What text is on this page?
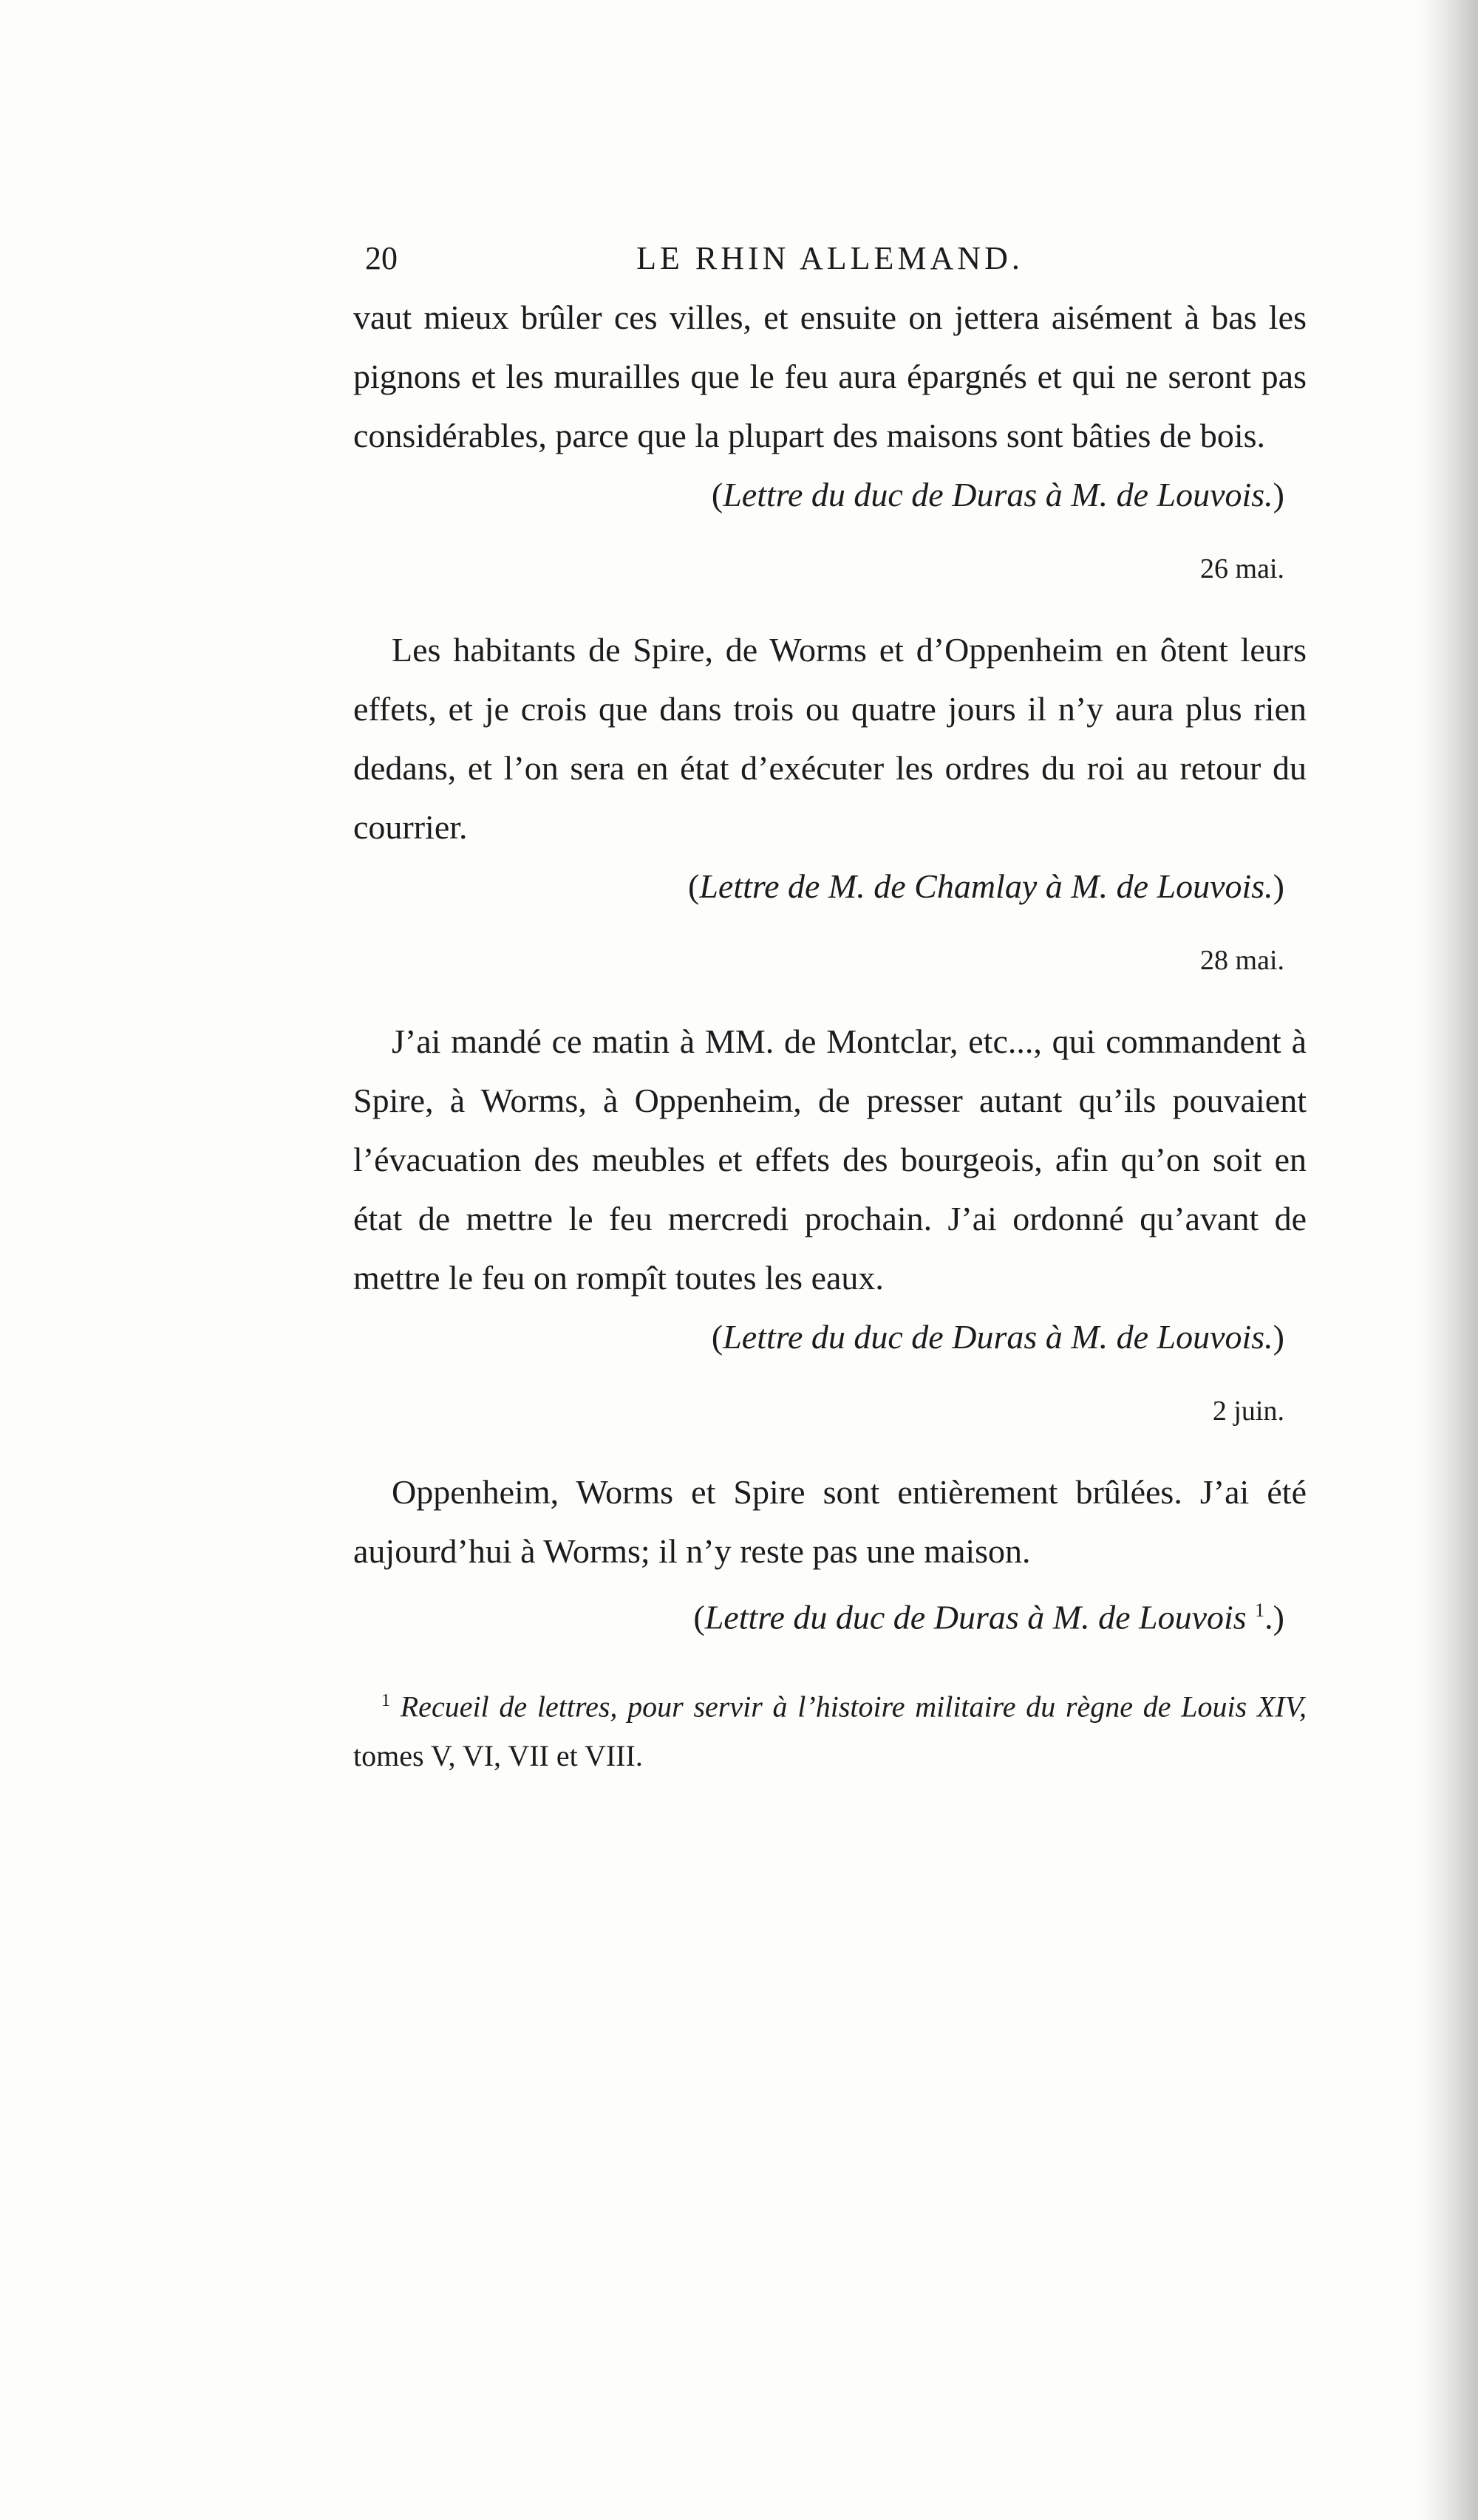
20	LE RHIN ALLEMAND.

vaut mieux brûler ces villes, et ensuite on jettera aisément à bas les pignons et les murailles que le feu aura épargnés et qui ne seront pas considérables, parce que la plupart des maisons sont bâties de bois.

(Lettre du duc de Duras à M. de Louvois.)

26 mai.

Les habitants de Spire, de Worms et d’Oppenheim en ôtent leurs effets, et je crois que dans trois ou quatre jours il n’y aura plus rien dedans, et l’on sera en état d’exécuter les ordres du roi au retour du courrier.

(Lettre de M. de Chamlay à M. de Louvois.)

28 mai.

J’ai mandé ce matin à MM. de Montclar, etc..., qui commandent à Spire, à Worms, à Oppenheim, de presser autant qu’ils pouvaient l’évacuation des meubles et effets des bourgeois, afin qu’on soit en état de mettre le feu mercredi prochain. J’ai ordonné qu’avant de mettre le feu on rompît toutes les eaux.

(Lettre du duc de Duras à M. de Louvois.)

2 juin.

Oppenheim, Worms et Spire sont entièrement brûlées. J’ai été aujourd’hui à Worms; il n’y reste pas une maison.

(Lettre du duc de Duras à M. de Louvois $^1$.)

$^1$ Recueil de lettres, pour servir à l’histoire militaire du règne de Louis XIV, tomes V, VI, VII et VIII.
